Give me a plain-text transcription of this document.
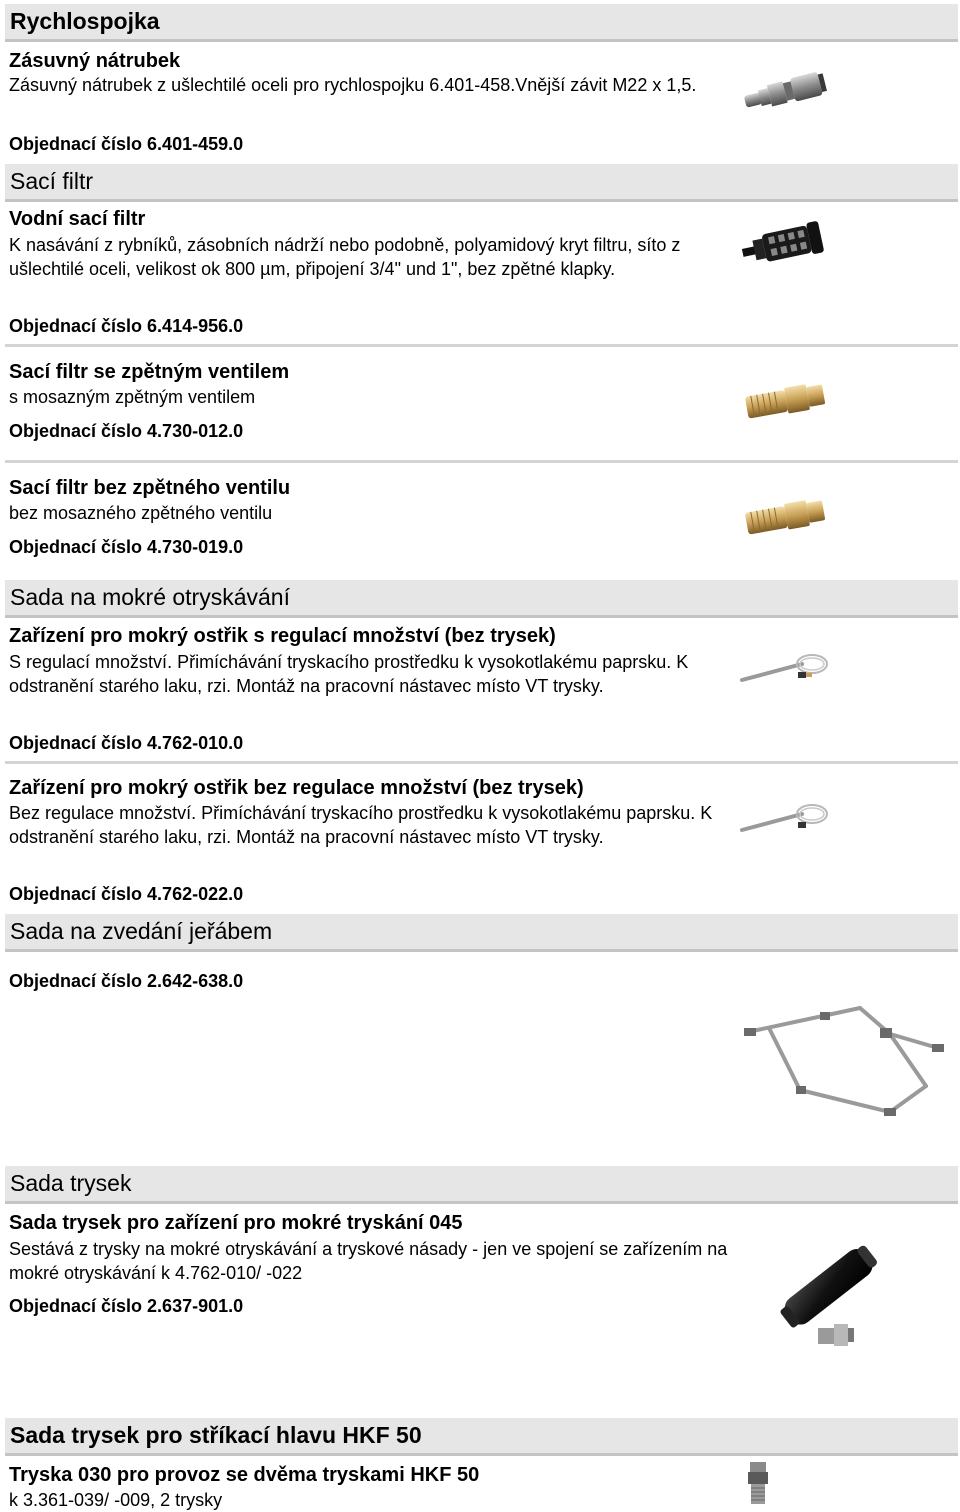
Rychlospojka
Zásuvný nátrubek
Zásuvný nátrubek z ušlechtilé oceli pro rychlospojku 6.401-458.Vnější závit M22 x 1,5.
Objednací číslo 6.401-459.0
Sací filtr
Vodní sací filtr
K nasávání z rybníků, zásobních nádrží nebo podobně, polyamidový kryt filtru, síto z ušlechtilé oceli, velikost ok 800 µm, připojení 3/4" und 1", bez zpětné klapky.
Objednací číslo 6.414-956.0
Sací filtr se zpětným ventilem
s mosazným zpětným ventilem
Objednací číslo 4.730-012.0
Sací filtr bez zpětného ventilu
bez mosazného zpětného ventilu
Objednací číslo 4.730-019.0
Sada na mokré otryskávání
Zařízení pro mokrý ostřik s regulací množství (bez trysek)
S regulací množství. Přimíchávání tryskacího prostředku k vysokotlakému paprsku. K odstranění starého laku, rzi. Montáž na pracovní nástavec místo VT trysky.
Objednací číslo 4.762-010.0
Zařízení pro mokrý ostřik bez regulace množství (bez trysek)
Bez regulace množství. Přimíchávání tryskacího prostředku k vysokotlakému paprsku. K odstranění starého laku, rzi. Montáž na pracovní nástavec místo VT trysky.
Objednací číslo 4.762-022.0
Sada na zvedání jeřábem
Objednací číslo 2.642-638.0
Sada trysek
Sada trysek pro zařízení pro mokré tryskání 045
Sestává z trysky na mokré otryskávání a tryskové násady - jen ve spojení se zařízením na mokré otryskávání k 4.762-010/ -022
Objednací číslo 2.637-901.0
Sada trysek pro stříkací hlavu HKF 50
Tryska 030 pro provoz se dvěma tryskami HKF 50
k 3.361-039/ -009, 2 trysky
